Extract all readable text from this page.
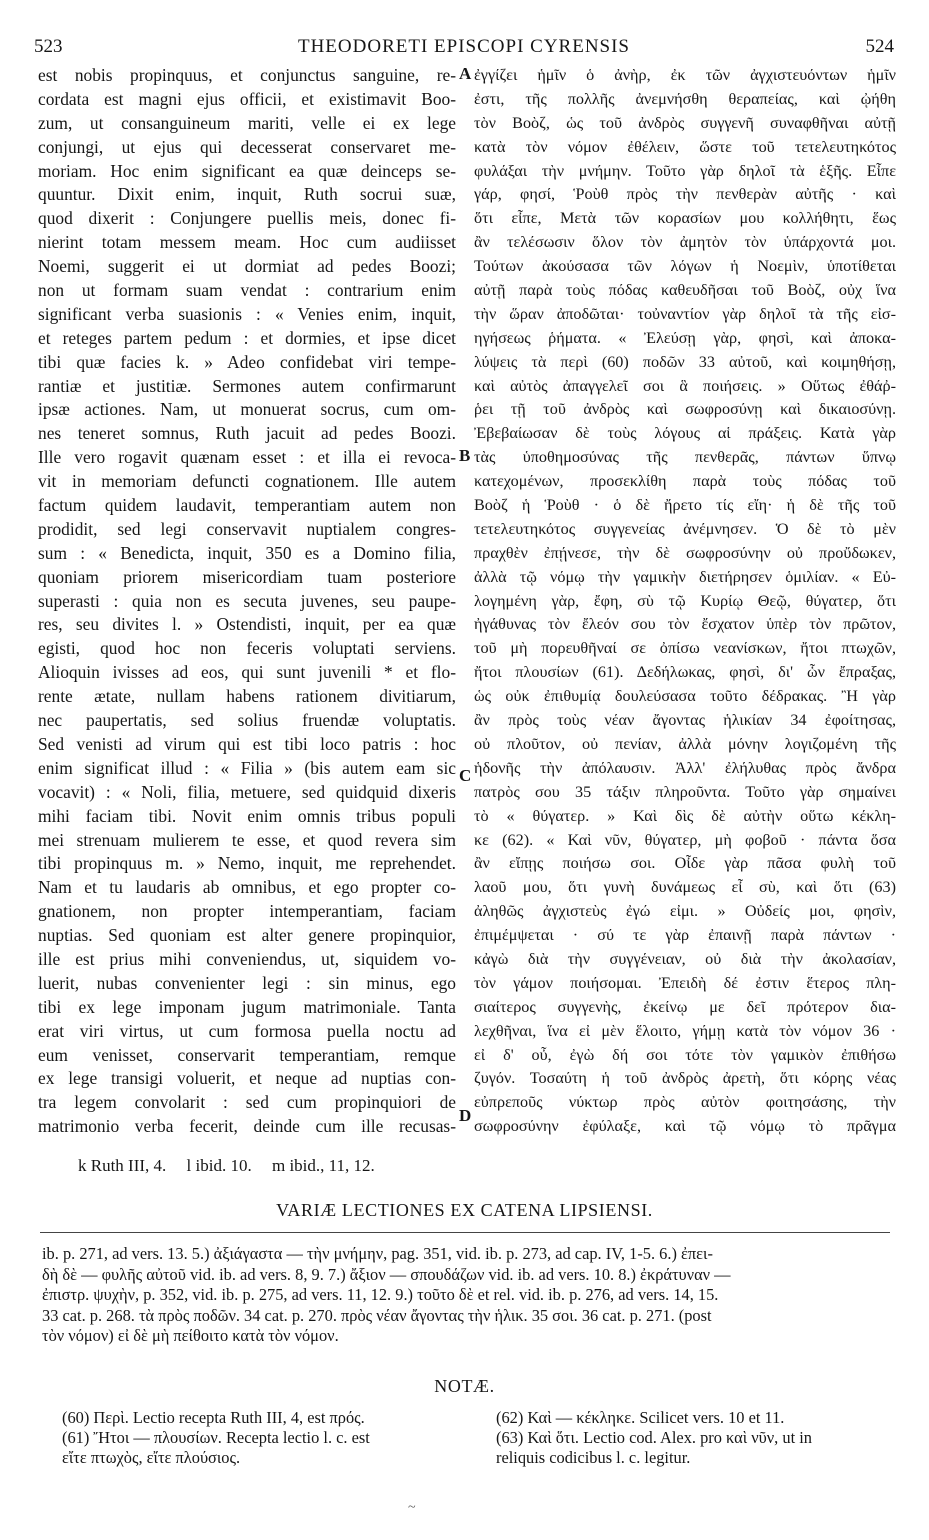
523	THEODORETI EPISCOPI CYRENSIS	524
est nobis propinquus, et conjunctus sanguine, re-
cordata est magni ejus officii, et existimavit Boo-
zum, ut consanguineum mariti, velle ei ex lege
conjungi, ut ejus qui decesserat conservaret me-
moriam. Hoc enim significant ea quæ deinceps se-
quuntur. Dixit enim, inquit, Ruth socrui suæ,
quod dixerit : Conjungere puellis meis, donec fi-
nierint totam messem meam. Hoc cum audiisset
Noemi, suggerit ei ut dormiat ad pedes Boozi;
non ut formam suam vendat : contrarium enim
significant verba suasionis : « Venies enim, inquit,
et reteges partem pedum : et dormies, et ipse dicet
tibi quæ facies k. » Adeo confidebat viri tempe-
rantiæ et justitiæ. Sermones autem confirmarunt
ipsæ actiones. Nam, ut monuerat socrus, cum om-
nes teneret somnus, Ruth jacuit ad pedes Boozi.
Ille vero rogavit quænam esset : et illa ei revoca-
vit in memoriam defuncti cognationem. Ille autem
factum quidem laudavit, temperantiam autem non
prodidit, sed legi conservavit nuptialem congres-
sum : « Benedicta, inquit, 350 es a Domino filia,
quoniam priorem misericordiam tuam posteriore
superasti : quia non es secuta juvenes, seu paupe-
res, seu divites l. » Ostendisti, inquit, per ea quæ
egisti, quod hoc non feceris voluptati serviens.
Alioquin ivisses ad eos, qui sunt juvenili * et flo-
rente ætate, nullam habens rationem divitiarum,
nec paupertatis, sed solius fruendæ voluptatis.
Sed venisti ad virum qui est tibi loco patris : hoc
enim significat illud : « Filia » (bis autem eam sic
vocavit) : « Noli, filia, metuere, sed quidquid dixeris
mihi faciam tibi. Novit enim omnis tribus populi
mei strenuam mulierem te esse, et quod revera sim
tibi propinquus m. » Nemo, inquit, me reprehendet.
Nam et tu laudaris ab omnibus, et ego propter co-
gnationem, non propter intemperantiam, faciam
nuptias. Sed quoniam est alter genere propinquior,
ille est prius mihi conveniendus, ut, siquidem vo-
luerit, nubas convenienter legi : sin minus, ego
tibi ex lege imponam jugum matrimoniale. Tanta
erat viri virtus, ut cum formosa puella noctu ad
eum venisset, conservarit temperantiam, remque
ex lege transigi voluerit, et neque ad nuptias con-
tra legem convolarit : sed cum propinquiori de
matrimonio verba fecerit, deinde cum ille recusas-
ἐγγίζει ἡμῖν ὁ ἀνὴρ, ἐκ τῶν ἀγχιστευόντων ἡμῖν
ἐστι, τῆς πολλῆς ἀνεμνήσθη θεραπείας, καὶ ᾠήθη
τὸν Βοὸζ, ὡς τοῦ ἀνδρὸς συγγενῆ συναφθῆναι αὐτῇ
κατὰ τὸν νόμον ἐθέλειν, ὥστε τοῦ τετελευτηκότος
φυλάξαι τὴν μνήμην. Τοῦτο γὰρ δηλοῖ τὰ ἑξῆς. Εἶπε
γάρ, φησί, Ῥοὺθ πρὸς τὴν πενθερὰν αὐτῆς · καὶ
ὅτι εἶπε, Μετὰ τῶν κορασίων μου κολλήθητι, ἕως
ἂν τελέσωσιν ὅλον τὸν ἀμητὸν τὸν ὑπάρχοντά μοι.
Τούτων ἀκούσασα τῶν λόγων ἡ Νοεμὶν, ὑποτίθεται
αὐτῇ παρὰ τοὺς πόδας καθευδῆσαι τοῦ Βοὸζ, οὐχ ἵνα
τὴν ὥραν ἀποδῶται· τοὐναντίον γὰρ δηλοῖ τὰ τῆς εἰσ-
ηγήσεως ῥήματα. « Ἐλεύσῃ γὰρ, φησὶ, καὶ ἀποκα-
λύψεις τὰ περὶ (60) ποδῶν 33 αὐτοῦ, καὶ κοιμηθήσῃ,
καὶ αὐτὸς ἀπαγγελεῖ σοι ἃ ποιήσεις. » Οὕτως ἐθάῤ-
ῥει τῇ τοῦ ἀνδρὸς καὶ σωφροσύνῃ καὶ δικαιοσύνῃ.
Ἐβεβαίωσαν δὲ τοὺς λόγους αἱ πράξεις. Κατὰ γὰρ
τὰς ὑποθημοσύνας τῆς πενθερᾶς, πάντων ὕπνῳ
κατεχομένων, προσεκλίθη παρὰ τοὺς πόδας τοῦ
Βοὸζ ἡ Ῥοὺθ · ὁ δὲ ἤρετο τίς εἴη· ἡ δὲ τῆς τοῦ
τετελευτηκότος συγγενείας ἀνέμνησεν. Ὁ δὲ τὸ μὲν
πραχθὲν ἐπῄνεσε, τὴν δὲ σωφροσύνην οὐ προὔδωκεν,
ἀλλὰ τῷ νόμῳ τὴν γαμικὴν διετήρησεν ὁμιλίαν. « Εὐ-
λογημένη γὰρ, ἔφη, σὺ τῷ Κυρίῳ Θεῷ, θύγατερ, ὅτι
ἠγάθυνας τὸν ἔλεόν σου τὸν ἔσχατον ὑπὲρ τὸν πρῶτον,
τοῦ μὴ πορευθῆναί σε ὀπίσω νεανίσκων, ἤτοι πτωχῶν,
ἤτοι πλουσίων (61). Δεδήλωκας, φησὶ, δι' ὧν ἔπραξας,
ὡς οὐκ ἐπιθυμίᾳ δουλεύσασα τοῦτο δέδρακας. Ἢ γὰρ
ἂν πρὸς τοὺς νέαν ἄγοντας ἡλικίαν 34 ἐφοίτησας,
οὐ πλοῦτον, οὐ πενίαν, ἀλλὰ μόνην λογιζομένη τῆς
ἡδονῆς τὴν ἀπόλαυσιν. Ἀλλ' ἐλήλυθας πρὸς ἄνδρα
πατρὸς σου 35 τάξιν πληροῦντα. Τοῦτο γὰρ σημαίνει
τὸ « θύγατερ. » Καὶ δὶς δὲ αὐτὴν οὕτω κέκλη-
κε (62). « Καὶ νῦν, θύγατερ, μὴ φοβοῦ · πάντα ὅσα
ἂν εἴπῃς ποιήσω σοι. Οἶδε γὰρ πᾶσα φυλὴ τοῦ
λαοῦ μου, ὅτι γυνὴ δυνάμεως εἶ σὺ, καὶ ὅτι (63)
ἀληθῶς ἀγχιστεὺς ἐγώ εἰμι. » Οὐδείς μοι, φησὶν,
ἐπιμέμψεται · σύ τε γὰρ ἐπαινῇ παρὰ πάντων ·
κἀγὼ διὰ τὴν συγγένειαν, οὐ διὰ τὴν ἀκολασίαν,
τὸν γάμον ποιήσομαι. Ἐπειδὴ δέ ἐστιν ἕτερος πλη-
σιαίτερος συγγενὴς, ἐκείνῳ με δεῖ πρότερον δια-
λεχθῆναι, ἵνα εἰ μὲν ἕλοιτο, γήμῃ κατὰ τὸν νόμον 36 ·
εἰ δ' οὖ, ἐγὼ δή σοι τότε τὸν γαμικὸν ἐπιθήσω
ζυγόν. Τοσαύτη ἡ τοῦ ἀνδρὸς ἀρετὴ, ὅτι κόρης νέας
εὐπρεποῦς νύκτωρ πρὸς αὐτὸν φοιτησάσης, τὴν
σωφροσύνην ἐφύλαξε, καὶ τῷ νόμῳ τὸ πρᾶγμα
A
B
C
D
k Ruth III, 4. l ibid. 10. m ibid., 11, 12.
VARIÆ LECTIONES EX CATENA LIPSIENSI.
ib. p. 271, ad vers. 13. 5.) ἀξιάγαστα — τὴν μνήμην, pag. 351, vid. ib. p. 273, ad cap. IV, 1-5. 6.) ἐπει-
δὴ δὲ — φυλῆς αὐτοῦ vid. ib. ad vers. 8, 9. 7.) ἄξιον — σπουδάζων vid. ib. ad vers. 10. 8.) ἐκράτυναν —
ἐπιστρ. ψυχὴν, p. 352, vid. ib. p. 275, ad vers. 11, 12. 9.) τοῦτο δὲ et rel. vid. ib. p. 276, ad vers. 14, 15.
33 cat. p. 268. τὰ πρὸς ποδῶν. 34 cat. p. 270. πρὸς νέαν ἄγοντας τὴν ἡλικ. 35 σοι. 36 cat. p. 271. (post
τὸν νόμον) εἰ δὲ μὴ πείθοιτο κατὰ τὸν νόμον.
NOTÆ.
(60) Περὶ. Lectio recepta Ruth III, 4, est πρός.
(61) Ἤτοι — πλουσίων. Recepta lectio l. c. est
εἴτε πτωχὸς, εἴτε πλούσιος.
(62) Καὶ — κέκληκε. Scilicet vers. 10 et 11.
(63) Καὶ ὅτι. Lectio cod. Alex. pro καὶ νῦν, ut in
reliquis codicibus l. c. legitur.
~
